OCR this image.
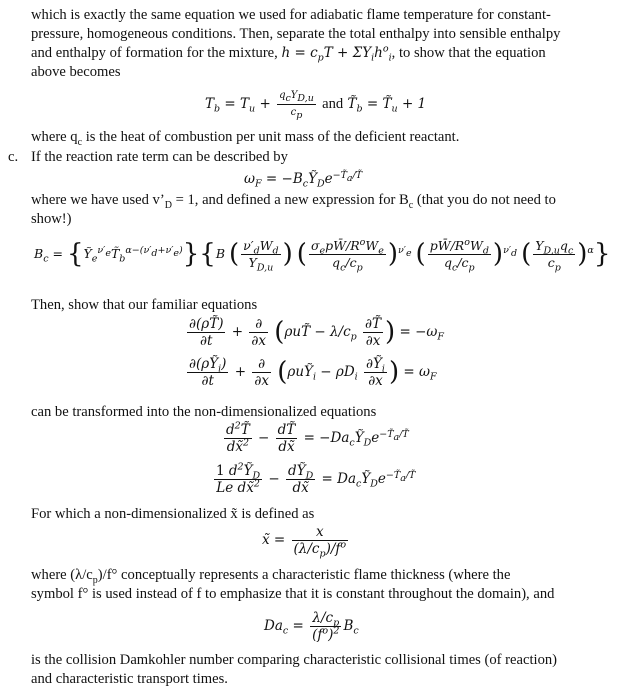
which is exactly the same equation we used for adiabatic flame temperature for constant-
pressure, homogeneous conditions. Then, separate the total enthalpy into sensible enthalpy
and enthalpy of formation for the mixture, $h = c_pT + \Sigma Y_ih^o_i$, to show that the equation
above becomes
$T_b = T_u + \frac{q_cY_{D,u}}{c_p}$ and $T̃_b$ = $T̃_u + 1$
where $q_c$ is the heat of combustion per unit mass of the deficient reactant.
c. If the reaction rate term can be described by
$\omega_F$ = $-B_cỸ_De^{-T̃_a/T̃}$
where we have used $v’_D = 1$, and defined a new expression for $B_c$ (that you do not need to
show!)
$B_c$ = $\{Ỹ_e^{\nu'_e}T̃_b^{\alpha-(\nu'_d+\nu'_e)}\}\{B$ ( $\frac{\nu'_dW_d}{Y_{D,u}}$ ) ( $\frac{\sigma_epW̄/R^oW_e}{q_c/c_p} )^{\nu'_e}$ ( $\frac{pW̄/R^oW_d}{q_c/c_p} )^{\nu'_d}$ ( $\frac{Y_{D,u}q_c}{c_p} )^\alpha$}
Then, show that our familiar equations
$\frac{\partial(\rho T̃)}{\partial t} + \frac{\partial}{\partial x}$ (ρuT̃ − $\lambda/c_p \frac{\partial T̃}{\partial x}$ ) = $-\omega_F$
$\frac{\partial(\rho Ỹ_i)}{\partial t} + \frac{\partial}{\partial x}$ (ρuỸ$_i$ − $\rho D_i \frac{\partial Ỹ_i}{\partial x}$ ) = $\omega_F$
can be transformed into the non-dimensionalized equations
$\frac{d^2T̃}{dx̃^2} - \frac{dT̃}{dx̃}$ = $-Da_cỸ_De^{-T̃_a/T̃}$
$\frac{1 d^2Ỹ_D}{Le dx̃^2} - \frac{dỸ_D}{dx̃}$ = $Da_cỸ_De^{-T̃_a/T̃}$
For which a non-dimensionalized x̃ is defined as
x̃ = $\frac{x}{(\lambda/c_p)/f^o}$
where $(\lambda/c_p)/f^\circ$ conceptually represents a characteristic flame thickness (where the
symbol f° is used instead of f to emphasize that it is constant throughout the domain), and
$Da_c = \frac{\lambda/c_p}{(f^o)^2} B_c$
is the collision Damkohler number comparing characteristic collisional times (of reaction)
and characteristic transport times.
